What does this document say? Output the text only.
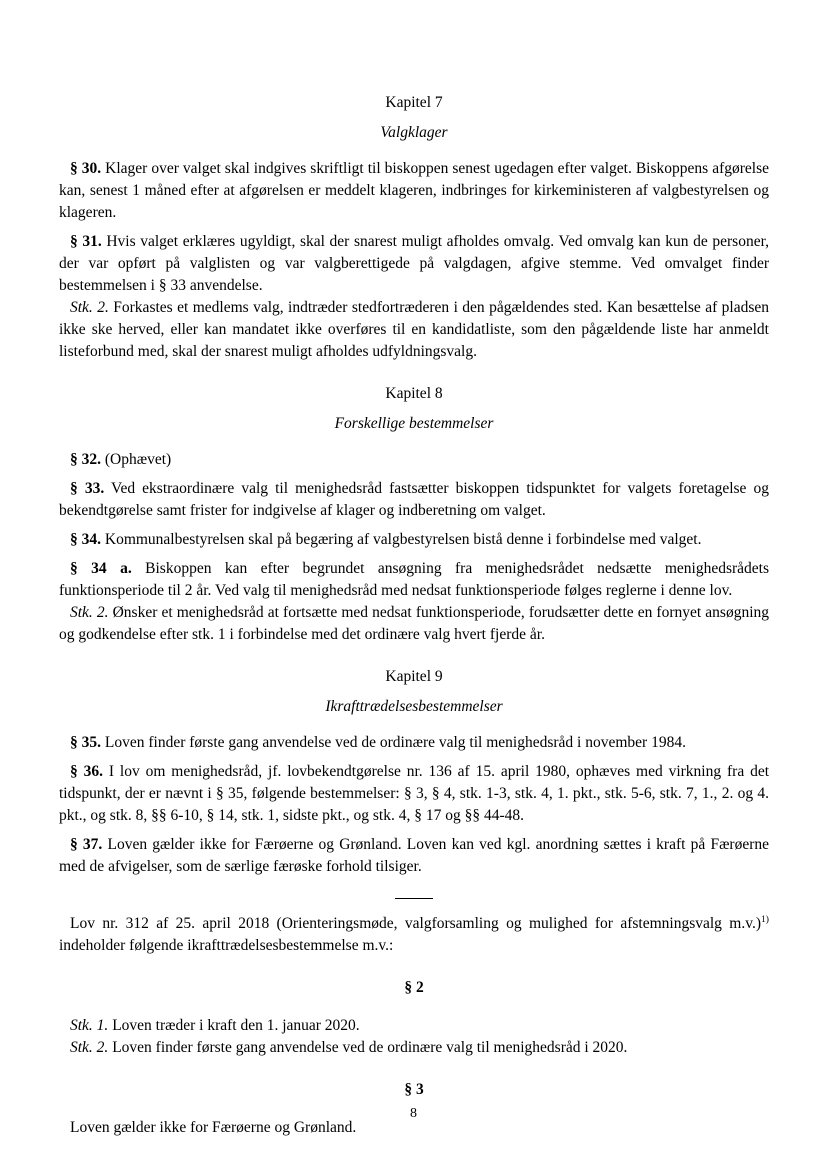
Kapitel 7
Valgklager

§ 30. Klager over valget skal indgives skriftligt til biskoppen senest ugedagen efter valget. Biskoppens afgørelse kan, senest 1 måned efter at afgørelsen er meddelt klageren, indbringes for kirkeministeren af valgbestyrelsen og klageren.

§ 31. Hvis valget erklæres ugyldigt, skal der snarest muligt afholdes omvalg. Ved omvalg kan kun de personer, der var opført på valglisten og var valgberettigede på valgdagen, afgive stemme. Ved omvalget finder bestemmelsen i § 33 anvendelse.

Stk. 2. Forkastes et medlems valg, indtræder stedfortræderen i den pågældendes sted. Kan besættelse af pladsen ikke ske herved, eller kan mandatet ikke overføres til en kandidatliste, som den pågældende liste har anmeldt listeforbund med, skal der snarest muligt afholdes udfyldningsvalg.

Kapitel 8
Forskellige bestemmelser

§ 32. (Ophævet)

§ 33. Ved ekstraordinære valg til menighedsråd fastsætter biskoppen tidspunktet for valgets foretagelse og bekendtgørelse samt frister for indgivelse af klager og indberetning om valget.

§ 34. Kommunalbestyrelsen skal på begæring af valgbestyrelsen bistå denne i forbindelse med valget.

§ 34 a. Biskoppen kan efter begrundet ansøgning fra menighedsrådet nedsætte menighedsrådets funktionsperiode til 2 år. Ved valg til menighedsråd med nedsat funktionsperiode følges reglerne i denne lov.

Stk. 2. Ønsker et menighedsråd at fortsætte med nedsat funktionsperiode, forudsætter dette en fornyet ansøgning og godkendelse efter stk. 1 i forbindelse med det ordinære valg hvert fjerde år.

Kapitel 9
Ikrafttrædelsesbestemmelser

§ 35. Loven finder første gang anvendelse ved de ordinære valg til menighedsråd i november 1984.

§ 36. I lov om menighedsråd, jf. lovbekendtgørelse nr. 136 af 15. april 1980, ophæves med virkning fra det tidspunkt, der er nævnt i § 35, følgende bestemmelser: § 3, § 4, stk. 1-3, stk. 4, 1. pkt., stk. 5-6, stk. 7, 1., 2. og 4. pkt., og stk. 8, §§ 6-10, § 14, stk. 1, sidste pkt., og stk. 4, § 17 og §§ 44-48.

§ 37. Loven gælder ikke for Færøerne og Grønland. Loven kan ved kgl. anordning sættes i kraft på Færøerne med de afvigelser, som de særlige færøske forhold tilsiger.

Lov nr. 312 af 25. april 2018 (Orienteringsmøde, valgforsamling og mulighed for afstemningsvalg m.v.)$^{1)}$ indeholder følgende ikrafttrædelsesbestemmelse m.v.:

§ 2

Stk. 1. Loven træder i kraft den 1. januar 2020.

Stk. 2. Loven finder første gang anvendelse ved de ordinære valg til menighedsråd i 2020.

§ 3

Loven gælder ikke for Færøerne og Grønland.

8
